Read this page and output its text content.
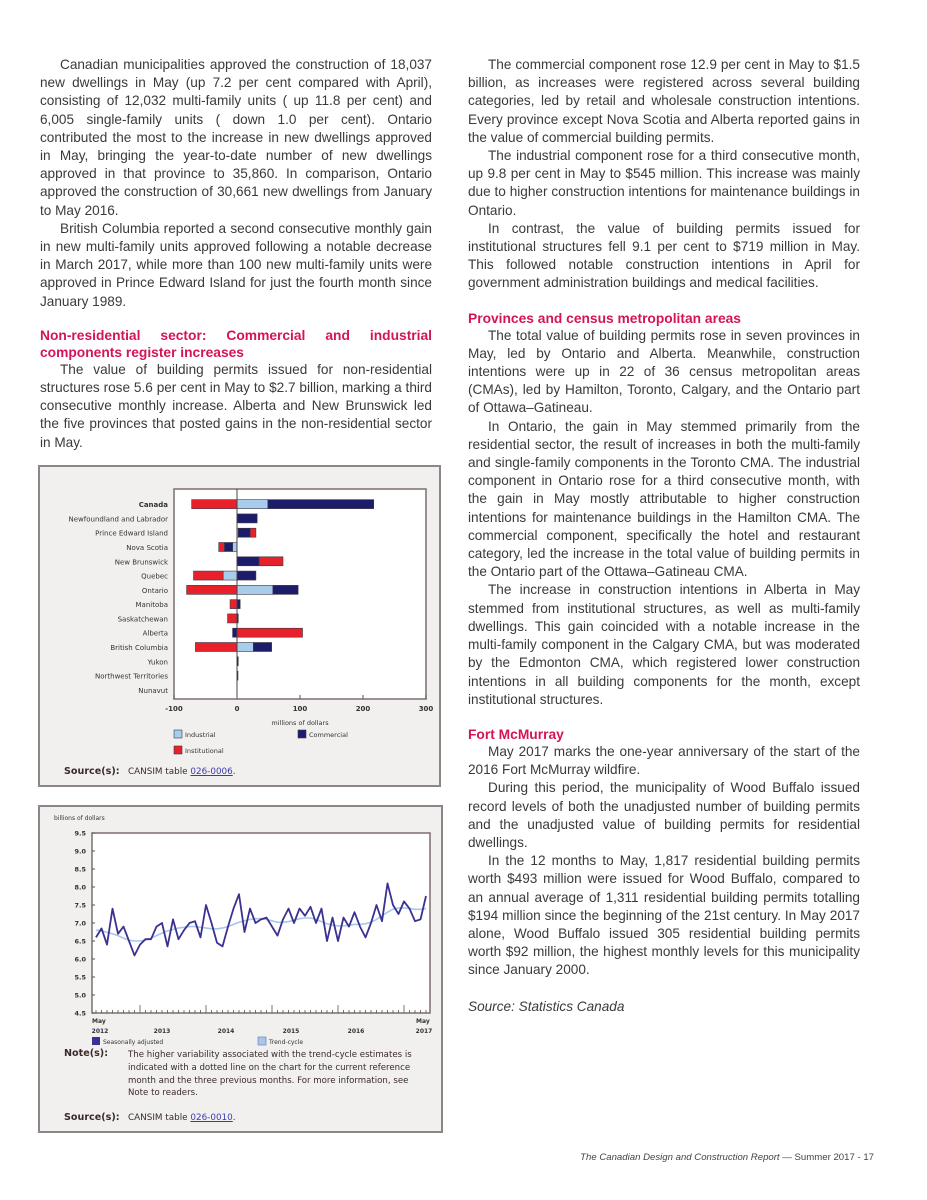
Canadian municipalities approved the construction of 18,037 new dwellings in May (up 7.2 per cent compared with April), consisting of 12,032 multi-family units ( up 11.8 per cent) and 6,005 single-family units ( down 1.0 per cent). Ontario contributed the most to the increase in new dwellings approved in May, bringing the year-to-date number of new dwellings approved in that province to 35,860. In comparison, Ontario approved the construction of 30,661 new dwellings from January to May 2016.

British Columbia reported a second consecutive monthly gain in new multi-family units approved following a notable decrease in March 2017, while more than 100 new multi-family units were approved in Prince Edward Island for just the fourth month since January 1989.

Non-residential sector: Commercial and industrial components register increases

The value of building permits issued for non-residential structures rose 5.6 per cent in May to $2.7 billion, marking a third consecutive monthly increase. Alberta and New Brunswick led the five provinces that posted gains in the non-residential sector in May.

Canada
Newfoundland and Labrador
Prince Edward Island
Nova Scotia
New Brunswick
Quebec
Ontario
Manitoba
Saskatchewan
Alberta
British Columbia
Yukon
Northwest Territories
Nunavut
-100	0	100	200	300
millions of dollars
Industrial	Commercial
Institutional
Source(s): CANSIM table 026-0006.
billions of dollars
4.5
5.0
5.5
6.0
6.5
7.0
7.5
8.0
8.5
9.0
9.5
May
2012	2013	2014	2015	2016
May
2017
Seasonally adjusted	Trend-cycle
Note(s): The higher variability associated with the trend-cycle estimates is indicated with a dotted line on the chart for the current reference month and the three previous months. For more information, see Note to readers.
Source(s): CANSIM table 026-0010.

The commercial component rose 12.9 per cent in May to $1.5 billion, as increases were registered across several building categories, led by retail and wholesale construction intentions. Every province except Nova Scotia and Alberta reported gains in the value of commercial building permits.

The industrial component rose for a third consecutive month, up 9.8 per cent in May to $545 million. This increase was mainly due to higher construction intentions for maintenance buildings in Ontario.

In contrast, the value of building permits issued for institutional structures fell 9.1 per cent to $719 million in May. This followed notable construction intentions in April for government administration buildings and medical facilities.

Provinces and census metropolitan areas

The total value of building permits rose in seven provinces in May, led by Ontario and Alberta. Meanwhile, construction intentions were up in 22 of 36 census metropolitan areas (CMAs), led by Hamilton, Toronto, Calgary, and the Ontario part of Ottawa–Gatineau.

In Ontario, the gain in May stemmed primarily from the residential sector, the result of increases in both the multi-family and single-family components in the Toronto CMA. The industrial component in Ontario rose for a third consecutive month, with the gain in May mostly attributable to higher construction intentions for maintenance buildings in the Hamilton CMA. The commercial component, specifically the hotel and restaurant category, led the increase in the total value of building permits in the Ontario part of the Ottawa–Gatineau CMA.

The increase in construction intentions in Alberta in May stemmed from institutional structures, as well as multi-family dwellings. This gain coincided with a notable increase in the multi-family component in the Calgary CMA, but was moderated by the Edmonton CMA, which registered lower construction intentions in all building components for the month, except institutional structures.

Fort McMurray

May 2017 marks the one-year anniversary of the start of the 2016 Fort McMurray wildfire.

During this period, the municipality of Wood Buffalo issued record levels of both the unadjusted number of building permits and the unadjusted value of building permits for residential dwellings.

In the 12 months to May, 1,817 residential building permits worth $493 million were issued for Wood Buffalo, compared to an annual average of 1,311 residential building permits totalling $194 million since the beginning of the 21st century. In May 2017 alone, Wood Buffalo issued 305 residential building permits worth $92 million, the highest monthly levels for this municipality since January 2000.

Source: Statistics Canada

The Canadian Design and Construction Report — Summer 2017 - 17
